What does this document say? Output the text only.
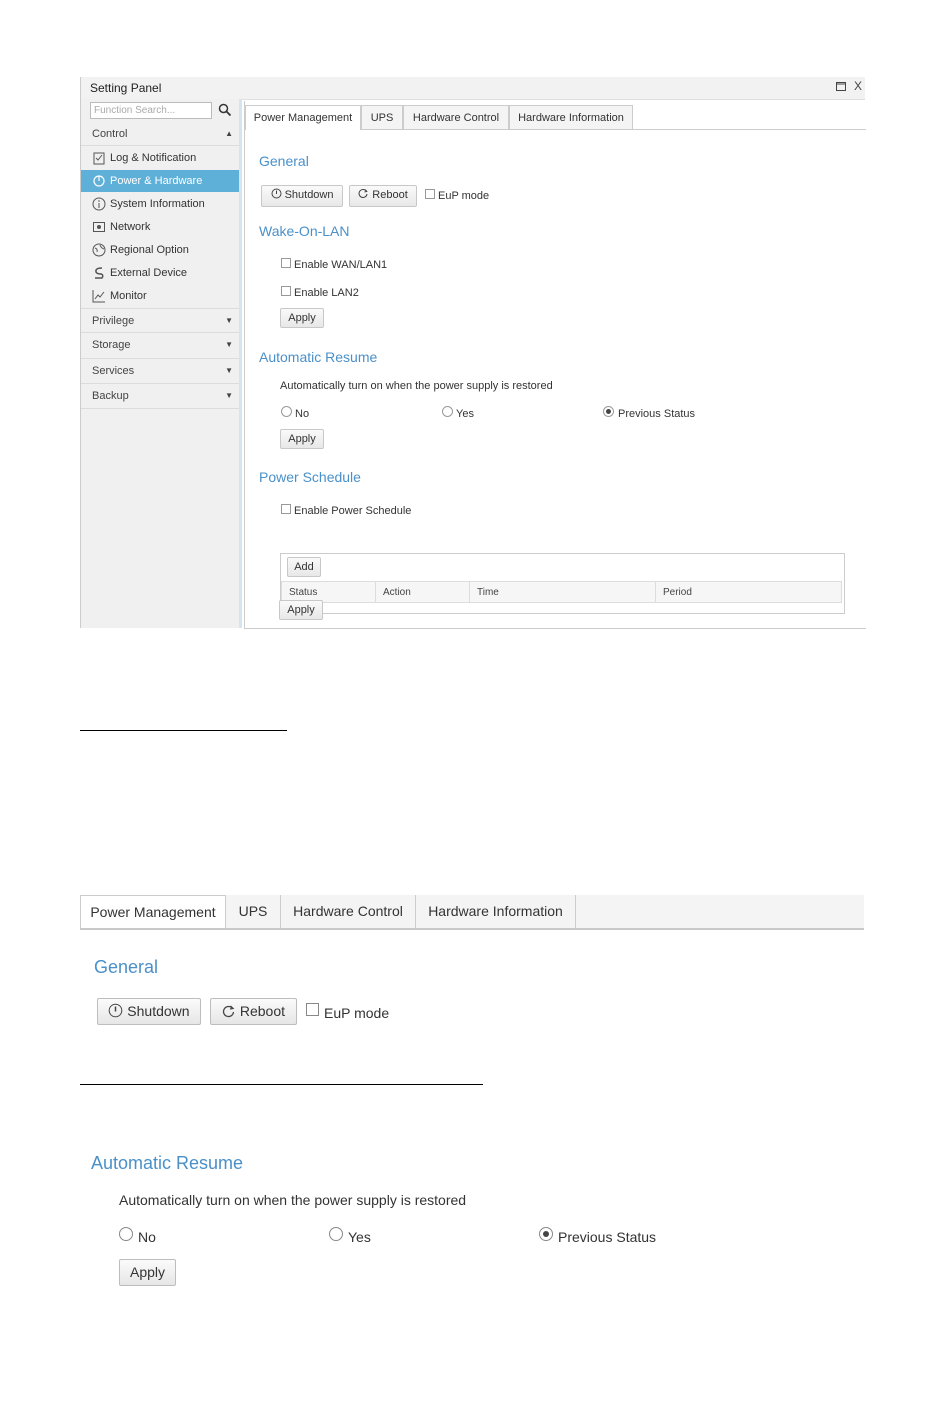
Setting Panel	X
Function Search...
Control	▲
Log & Notification
Power & Hardware
System Information
Network
Regional Option
External Device
Monitor
Privilege	▼
Storage	▼
Services	▼
Backup	▼
Power Management	UPS	Hardware Control	Hardware Information
General
Shutdown	Reboot	EuP mode
Wake-On-LAN
Enable WAN/LAN1
Enable LAN2
Apply
Automatic Resume
Automatically turn on when the power supply is restored
No	Yes	Previous Status
Apply
Power Schedule
Enable Power Schedule
Add
Status	Action	Time	Period
Apply
Power Management	UPS	Hardware Control	Hardware Information
General
Shutdown	Reboot	EuP mode
Automatic Resume
Automatically turn on when the power supply is restored
No	Yes	Previous Status
Apply
